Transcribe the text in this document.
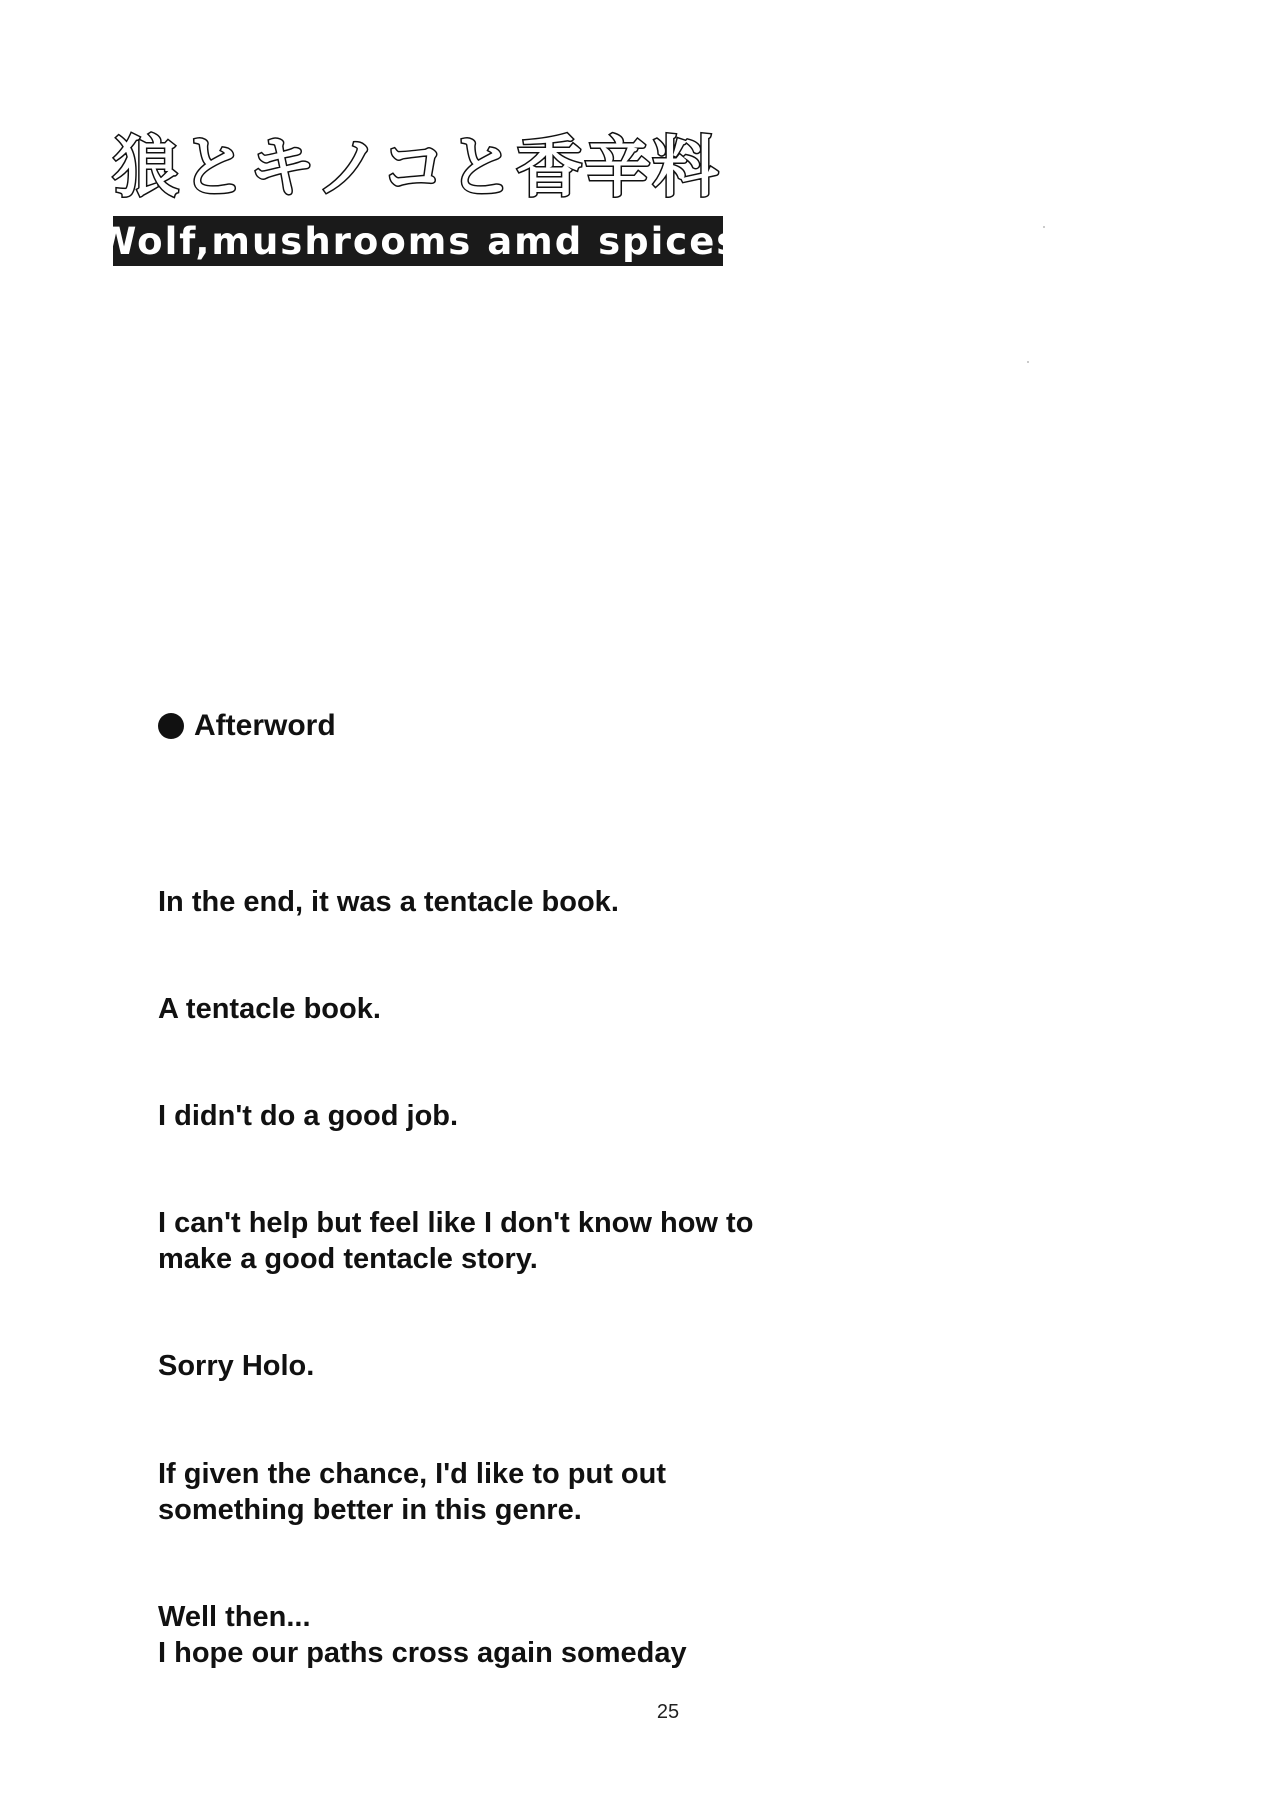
狼とキノコと香辛料
Wolf,mushrooms amd spices
Afterword

In the end, it was a tentacle book.

A tentacle book.

I didn't do a good job.

I can't help but feel like I don't know how to
make a good tentacle story.

Sorry Holo.

If given the chance, I'd like to put out
something better in this genre.

Well then...
I hope our paths cross again someday

25
